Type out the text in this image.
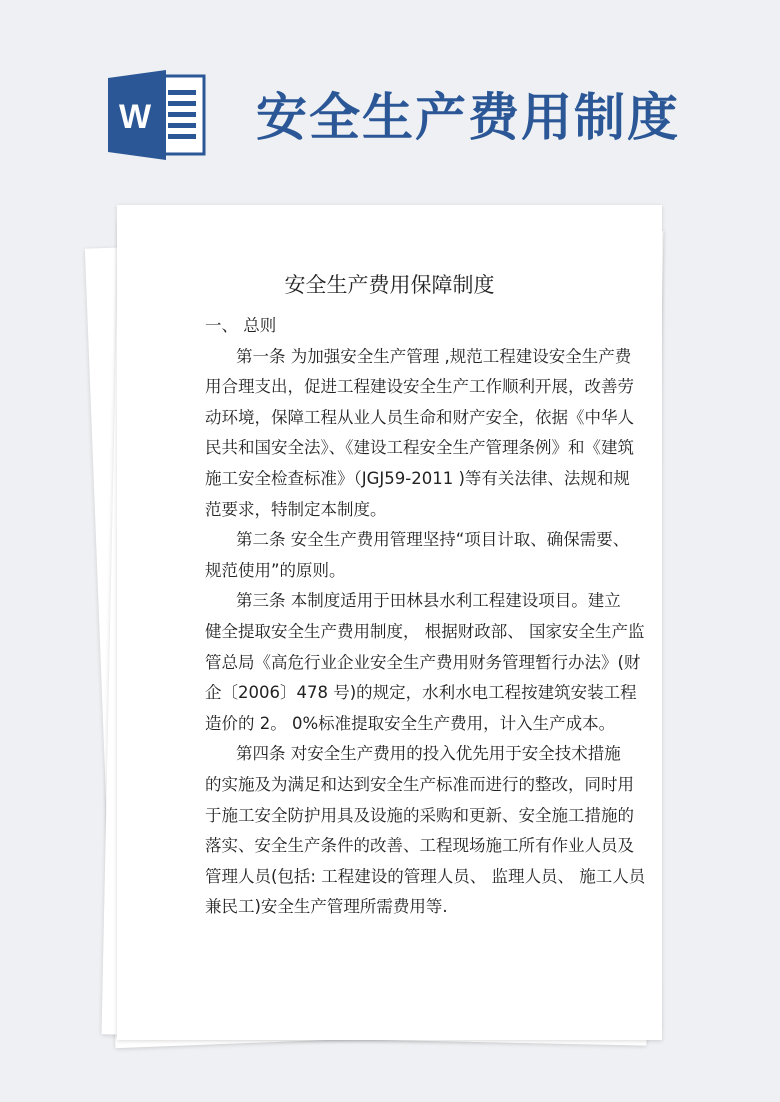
W 安全生产费用制度
安全生产费用保障制度
一、 总则
第一条 为加强安全生产管理 ,规范工程建设安全生产费
用合理支出，促进工程建设安全生产工作顺利开展，改善劳
动环境，保障工程从业人员生命和财产安全，依据《中华人
民共和国安全法》、《建设工程安全生产管理条例》和《建筑
施工安全检查标准》（JGJ59-2011 )等有关法律、法规和规
范要求，特制定本制度。
第二条 安全生产费用管理坚持“项目计取、确保需要、
规范使用”的原则。
第三条 本制度适用于田林县水利工程建设项目。建立
健全提取安全生产费用制度， 根据财政部、 国家安全生产监
管总局《高危行业企业安全生产费用财务管理暂行办法》(财
企〔2006〕478 号)的规定，水利水电工程按建筑安装工程
造价的 2。 0%标准提取安全生产费用，计入生产成本。
第四条 对安全生产费用的投入优先用于安全技术措施
的实施及为满足和达到安全生产标准而进行的整改，同时用
于施工安全防护用具及设施的采购和更新、安全施工措施的
落实、安全生产条件的改善、工程现场施工所有作业人员及
管理人员(包括: 工程建设的管理人员、 监理人员、 施工人员
兼民工)安全生产管理所需费用等.
